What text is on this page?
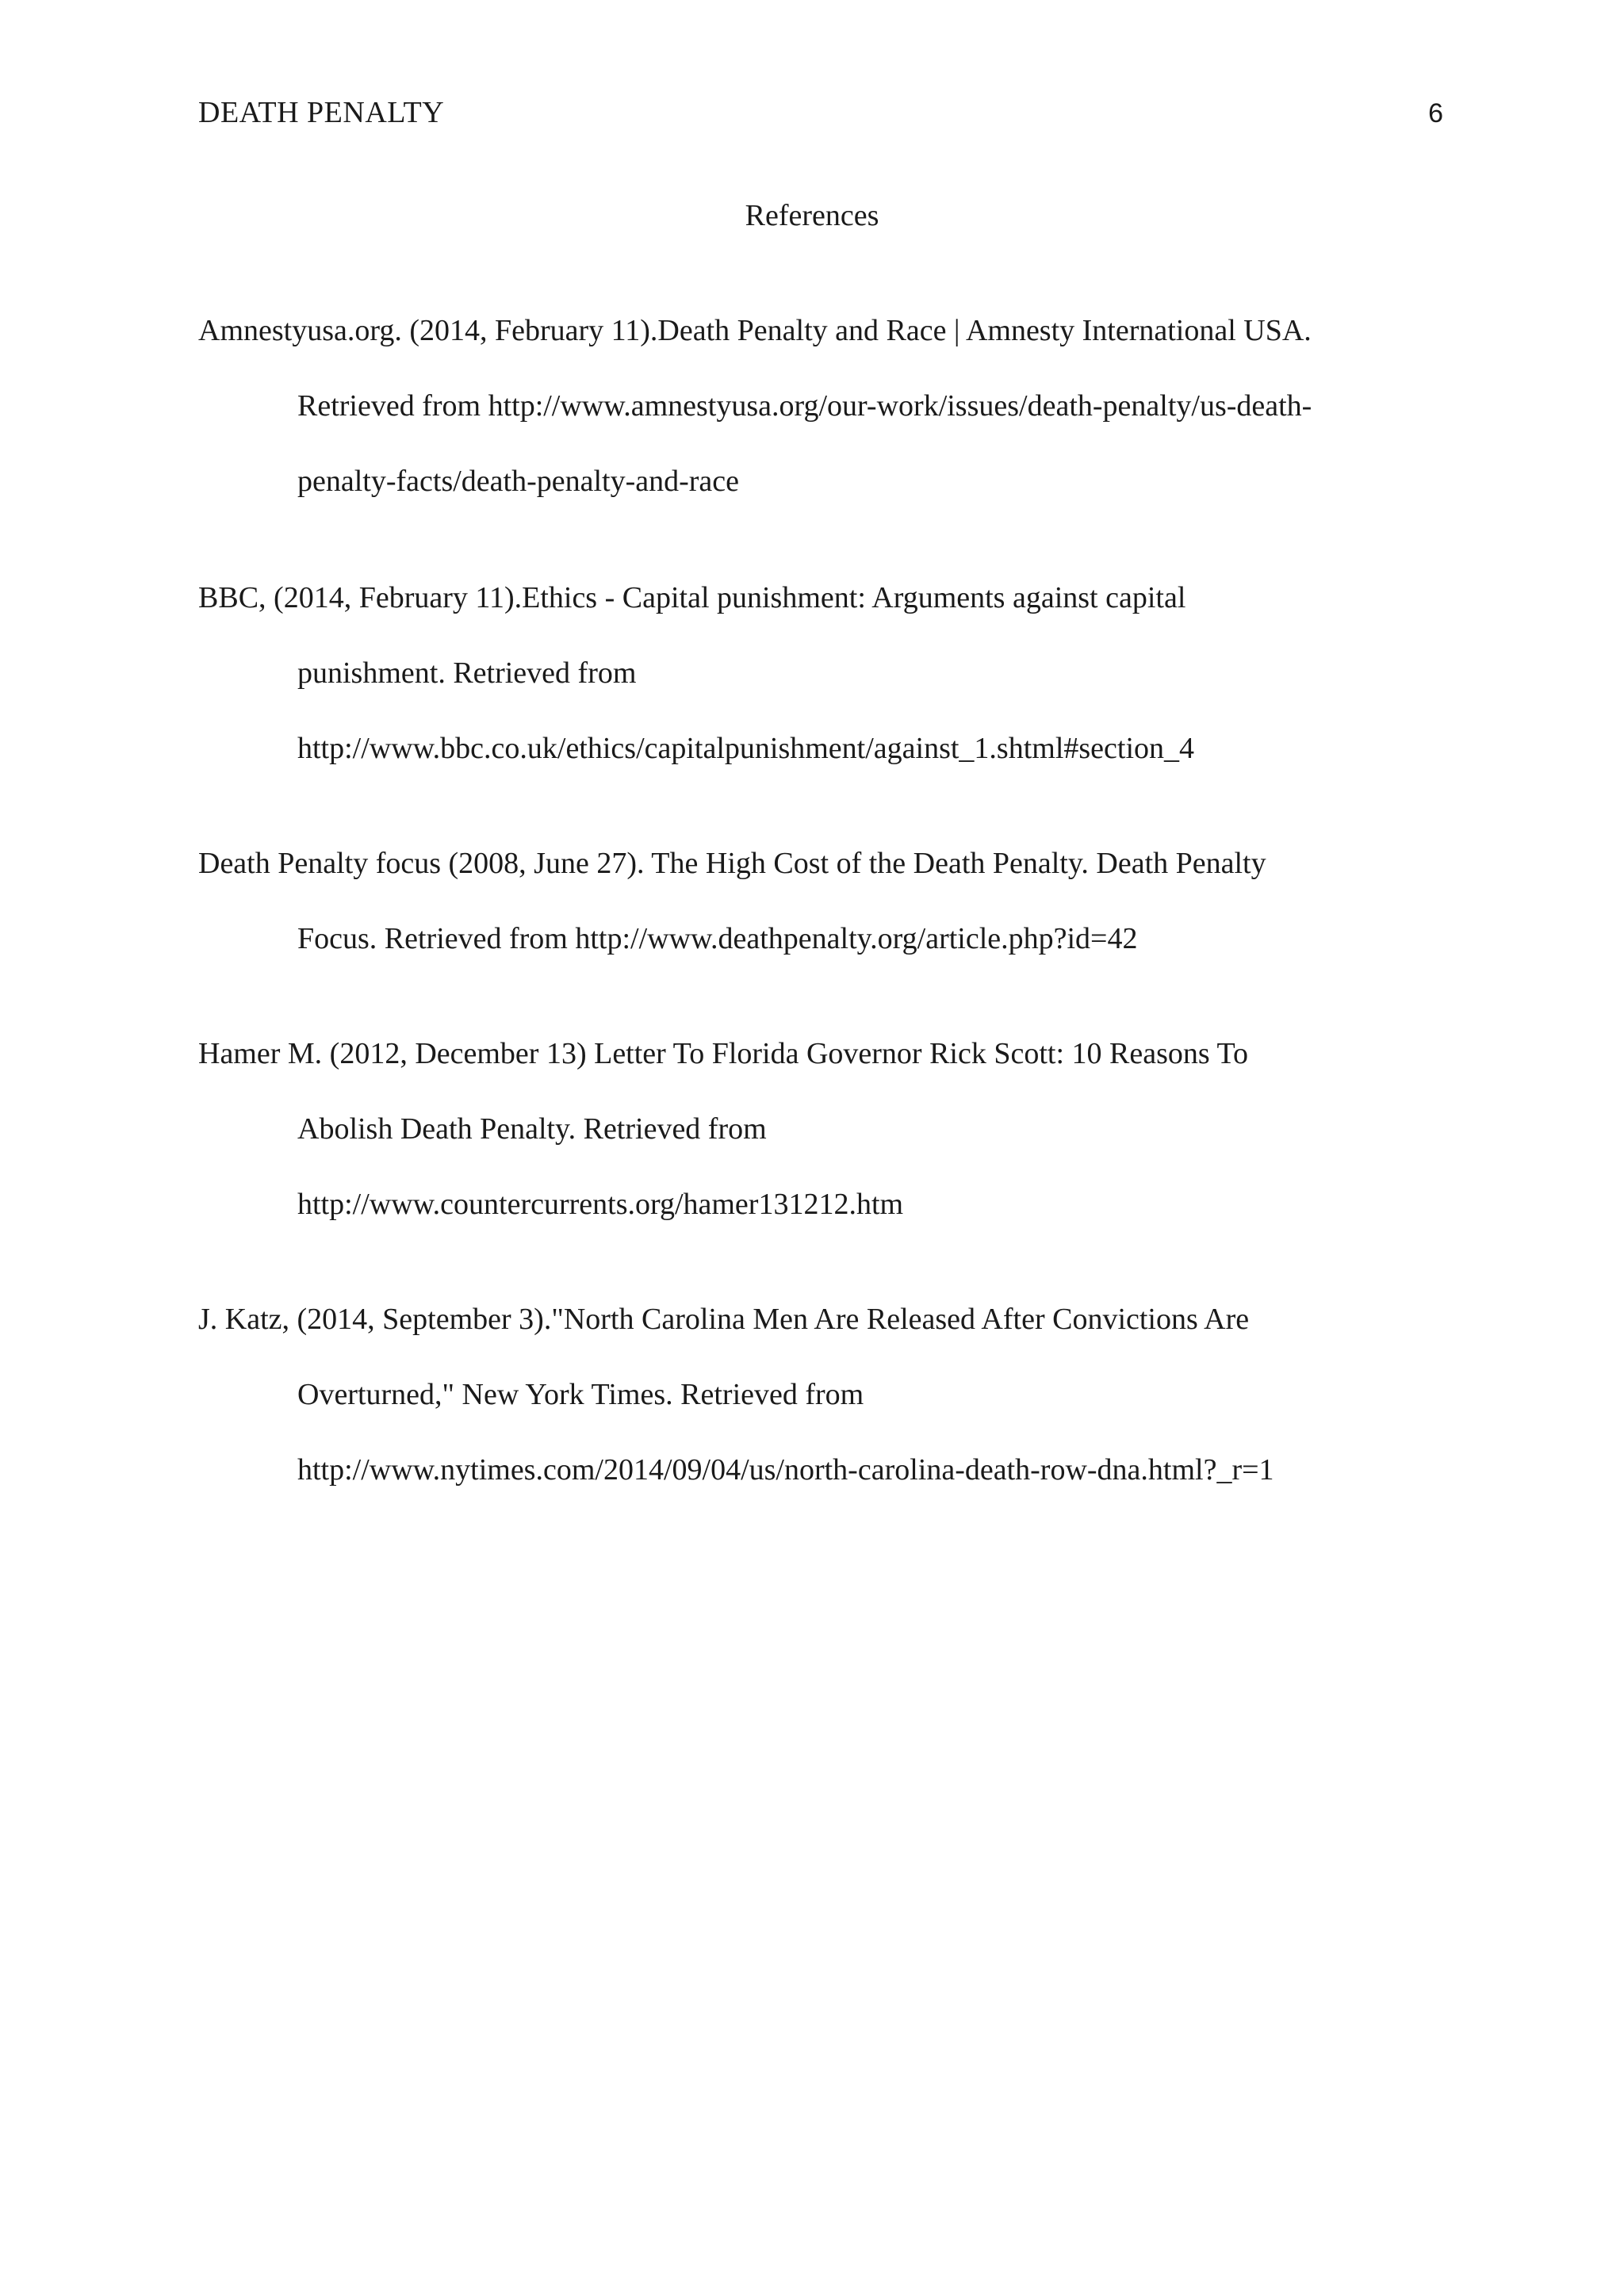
DEATH PENALTY	6
References
Amnestyusa.org. (2014, February 11).Death Penalty and Race | Amnesty International USA.
Retrieved from http://www.amnestyusa.org/our-work/issues/death-penalty/us-death-
penalty-facts/death-penalty-and-race
BBC, (2014, February 11).Ethics - Capital punishment: Arguments against capital
punishment. Retrieved from
http://www.bbc.co.uk/ethics/capitalpunishment/against_1.shtml#section_4
Death Penalty focus (2008, June 27). The High Cost of the Death Penalty. Death Penalty
Focus. Retrieved from http://www.deathpenalty.org/article.php?id=42
Hamer M. (2012, December 13) Letter To Florida Governor Rick Scott: 10 Reasons To
Abolish Death Penalty. Retrieved from
http://www.countercurrents.org/hamer131212.htm
J. Katz, (2014, September 3)."North Carolina Men Are Released After Convictions Are
Overturned," New York Times. Retrieved from
http://www.nytimes.com/2014/09/04/us/north-carolina-death-row-dna.html?_r=1
